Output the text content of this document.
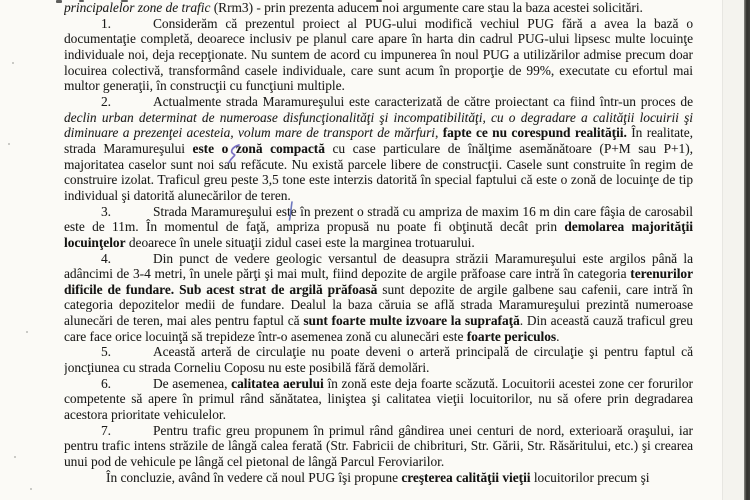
principalelor zone de trafic (Rrm3) - prin prezenta aducem noi argumente care stau la baza acestei solicitări.

1.	Considerăm că prezentul proiect al PUG-ului modifică vechiul PUG fără a avea la bază o documentaţie completă, deoarece inclusiv pe planul care apare în harta din cadrul PUG-ului lipsesc multe locuinţe individuale noi, deja recepţionate. Nu suntem de acord cu impunerea în noul PUG a utilizărilor admise precum doar locuirea colectivă, transformând casele individuale, care sunt acum în proporţie de 99%, executate cu efortul mai multor generaţii, în construcţii cu funcţiuni multiple.

2.	Actualmente strada Maramureşului este caracterizată de către proiectant ca fiind într-un proces de declin urban determinat de numeroase disfuncţionalităţi şi incompatibilităţi, cu o degradare a calităţii locuirii şi diminuare a prezenţei acesteia, volum mare de transport de mărfuri, fapte ce nu corespund realităţii. În realitate, strada Maramureşului este o zonă compactă cu case particulare de înălţime asemănătoare (P+M sau P+1), majoritatea caselor sunt noi sau refăcute. Nu există parcele libere de construcţii. Casele sunt construite în regim de construire izolat. Traficul greu peste 3,5 tone este interzis datorită în special faptului că este o zonă de locuinţe de tip individual şi datorită alunecărilor de teren.

3.	Strada Maramureşului este în prezent o stradă cu ampriza de maxim 16 m din care fâşia de carosabil este de 11m. În momentul de faţă, ampriza propusă nu poate fi obţinută decât prin demolarea majorităţii locuinţelor deoarece în unele situaţii zidul casei este la marginea trotuarului.

4.	Din punct de vedere geologic versantul de deasupra străzii Maramureşului este argilos până la adâncimi de 3-4 metri, în unele părţi şi mai mult, fiind depozite de argile prăfoase care intră în categoria terenurilor dificile de fundare. Sub acest strat de argilă prăfoasă sunt depozite de argile galbene sau cafenii, care intră în categoria depozitelor medii de fundare. Dealul la baza căruia se află strada Maramureşului prezintă numeroase alunecări de teren, mai ales pentru faptul că sunt foarte multe izvoare la suprafaţă. Din această cauză traficul greu care face orice locuinţă să trepideze într-o asemenea zonă cu alunecări este foarte periculos.

5.	Această arteră de circulaţie nu poate deveni o arteră principală de circulaţie şi pentru faptul că joncţiunea cu strada Corneliu Coposu nu este posibilă fără demolări.

6.	De asemenea, calitatea aerului în zonă este deja foarte scăzută. Locuitorii acestei zone cer forurilor competente să apere în primul rând sănătatea, liniştea şi calitatea vieţii locuitorilor, nu să ofere prin degradarea acestora prioritate vehiculelor.

7.	Pentru trafic greu propunem în primul rând gândirea unei centuri de nord, exterioară oraşului, iar pentru trafic intens străzile de lângă calea ferată (Str. Fabricii de chibrituri, Str. Gării, Str. Răsăritului, etc.) şi crearea unui pod de vehicule pe lângă cel pietonal de lângă Parcul Feroviarilor.

În concluzie, având în vedere că noul PUG îşi propune creşterea calităţii vieţii locuitorilor precum şi
